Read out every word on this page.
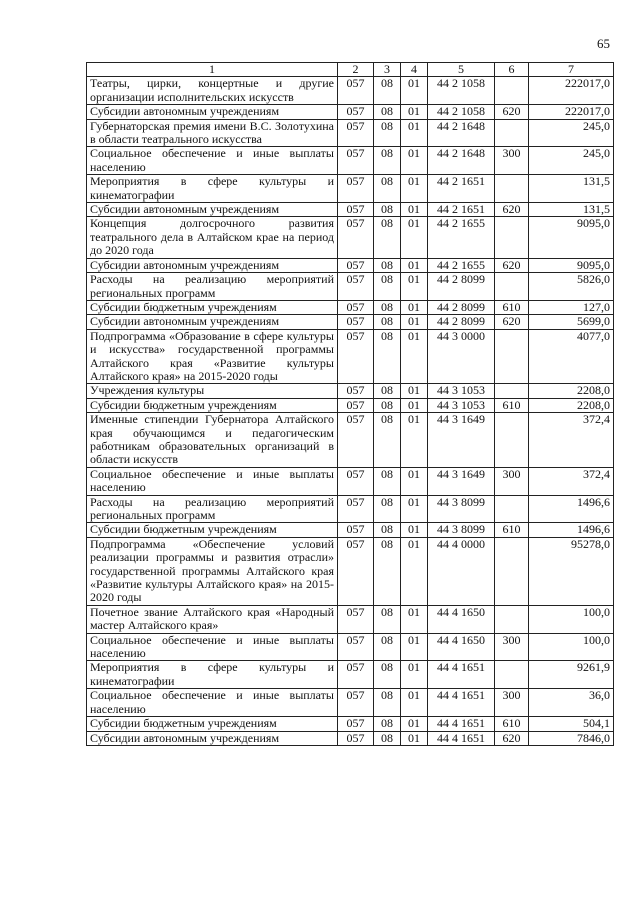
65
1	2	3	4	5	6	7
Театры, цирки, концертные и другие организации исполнительских искусств	057	08	01	44 2 1058		222017,0
Субсидии автономным учреждениям	057	08	01	44 2 1058	620	222017,0
Губернаторская премия имени В.С. Золотухина в области театрального искусства	057	08	01	44 2 1648		245,0
Социальное обеспечение и иные выплаты населению	057	08	01	44 2 1648	300	245,0
Мероприятия в сфере культуры и кинематографии	057	08	01	44 2 1651		131,5
Субсидии автономным учреждениям	057	08	01	44 2 1651	620	131,5
Концепция долгосрочного развития театрального дела в Алтайском крае на период до 2020 года	057	08	01	44 2 1655		9095,0
Субсидии автономным учреждениям	057	08	01	44 2 1655	620	9095,0
Расходы на реализацию мероприятий региональных программ	057	08	01	44 2 8099		5826,0
Субсидии бюджетным учреждениям	057	08	01	44 2 8099	610	127,0
Субсидии автономным учреждениям	057	08	01	44 2 8099	620	5699,0
Подпрограмма «Образование в сфере культуры и искусства» государственной программы Алтайского края «Развитие культуры Алтайского края» на 2015-2020 годы	057	08	01	44 3 0000		4077,0
Учреждения культуры	057	08	01	44 3 1053		2208,0
Субсидии бюджетным учреждениям	057	08	01	44 3 1053	610	2208,0
Именные стипендии Губернатора Алтайского края обучающимся и педагогическим работникам образовательных организаций в области искусств	057	08	01	44 3 1649		372,4
Социальное обеспечение и иные выплаты населению	057	08	01	44 3 1649	300	372,4
Расходы на реализацию мероприятий региональных программ	057	08	01	44 3 8099		1496,6
Субсидии бюджетным учреждениям	057	08	01	44 3 8099	610	1496,6
Подпрограмма «Обеспечение условий реализации программы и развития отрасли» государственной программы Алтайского края «Развитие культуры Алтайского края» на 2015-2020 годы	057	08	01	44 4 0000		95278,0
Почетное звание Алтайского края «Народный мастер Алтайского края»	057	08	01	44 4 1650		100,0
Социальное обеспечение и иные выплаты населению	057	08	01	44 4 1650	300	100,0
Мероприятия в сфере культуры и кинематографии	057	08	01	44 4 1651		9261,9
Социальное обеспечение и иные выплаты населению	057	08	01	44 4 1651	300	36,0
Субсидии бюджетным учреждениям	057	08	01	44 4 1651	610	504,1
Субсидии автономным учреждениям	057	08	01	44 4 1651	620	7846,0
